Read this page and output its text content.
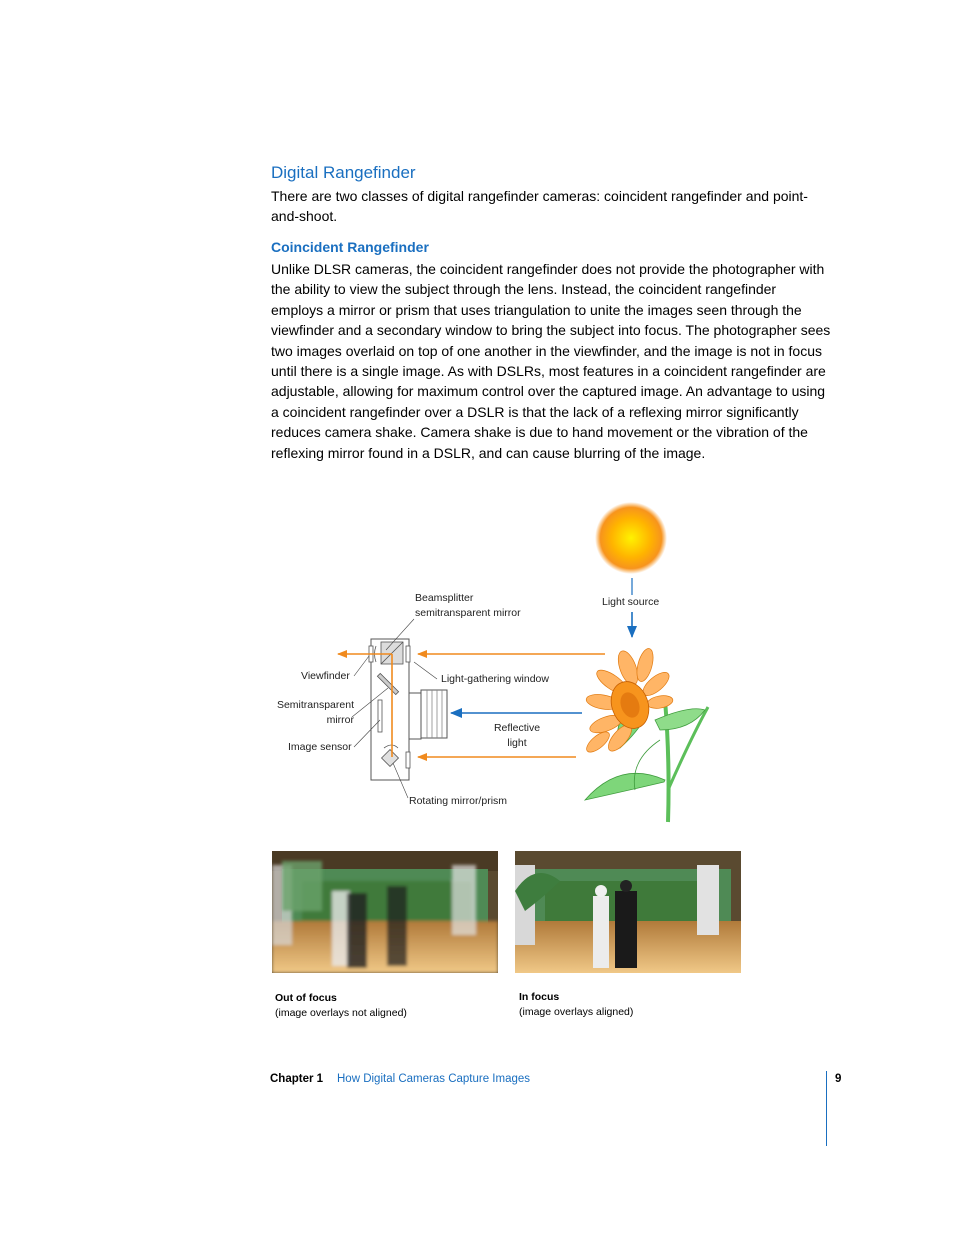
Digital Rangefinder
There are two classes of digital rangefinder cameras: coincident rangefinder and point-and-shoot.
Coincident Rangefinder
Unlike DLSR cameras, the coincident rangefinder does not provide the photographer with the ability to view the subject through the lens. Instead, the coincident rangefinder employs a mirror or prism that uses triangulation to unite the images seen through the viewfinder and a secondary window to bring the subject into focus. The photographer sees two images overlaid on top of one another in the viewfinder, and the image is not in focus until there is a single image. As with DSLRs, most features in a coincident rangefinder are adjustable, allowing for maximum control over the captured image. An advantage to using a coincident rangefinder over a DSLR is that the lack of a reflexing mirror significantly reduces camera shake. Camera shake is due to hand movement or the vibration of the reflexing mirror found in a DSLR, and can cause blurring of the image.
Beamsplitter
semitransparent mirror
Light source
Viewfinder	Light-gathering window
Semitransparent
mirror
Reflective
light
Image sensor
Rotating mirror/prism
Out of focus
(image overlays not aligned)
In focus
(image overlays aligned)
Chapter 1 How Digital Cameras Capture Images	9
